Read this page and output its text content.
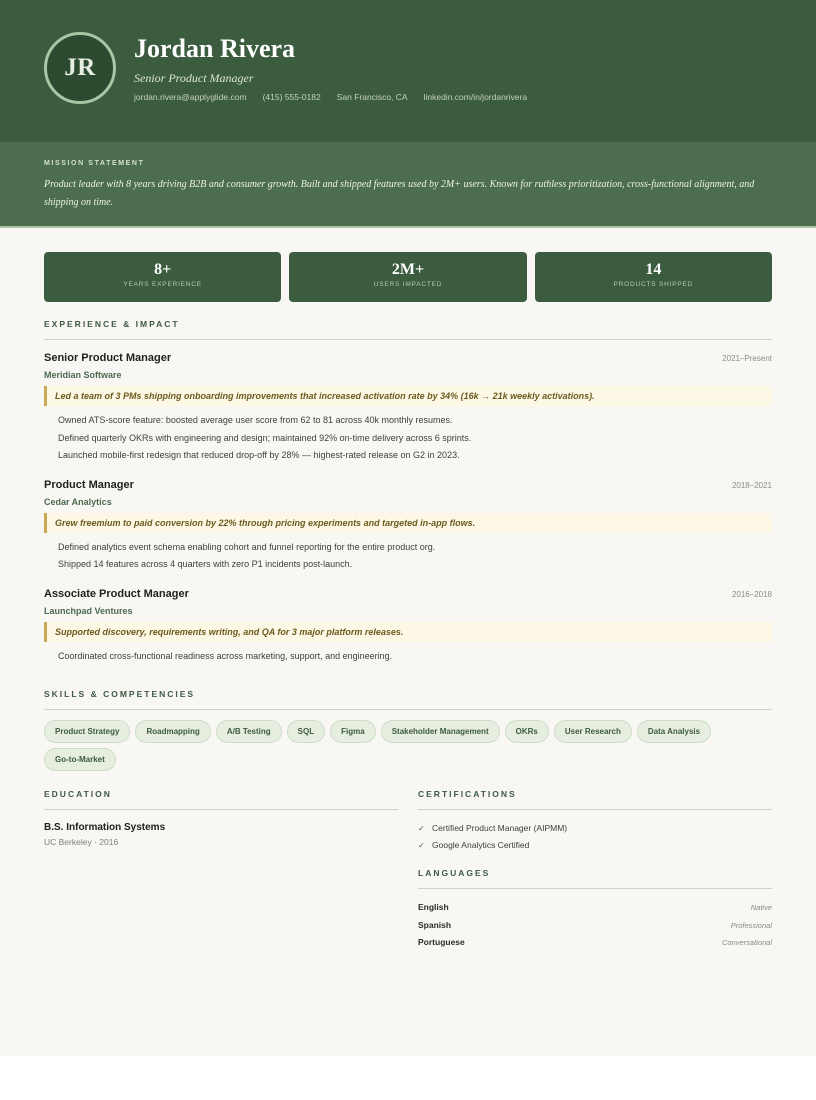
JR
Jordan Rivera
Senior Product Manager
jordan.rivera@applyglide.com (415) 555-0182 San Francisco, CA linkedin.com/in/jordanrivera
MISSION STATEMENT
Product leader with 8 years driving B2B and consumer growth. Built and shipped features used by 2M+ users. Known for ruthless prioritization, cross-functional alignment, and shipping on time.
8+
YEARS EXPERIENCE
2M+
USERS IMPACTED
14
PRODUCTS SHIPPED
EXPERIENCE & IMPACT
Senior Product Manager	2021–Present
Meridian Software
Led a team of 3 PMs shipping onboarding improvements that increased activation rate by 34% (16k → 21k weekly activations).
Owned ATS-score feature: boosted average user score from 62 to 81 across 40k monthly resumes.
Defined quarterly OKRs with engineering and design; maintained 92% on-time delivery across 6 sprints.
Launched mobile-first redesign that reduced drop-off by 28% — highest-rated release on G2 in 2023.
Product Manager	2018–2021
Cedar Analytics
Grew freemium to paid conversion by 22% through pricing experiments and targeted in-app flows.
Defined analytics event schema enabling cohort and funnel reporting for the entire product org.
Shipped 14 features across 4 quarters with zero P1 incidents post-launch.
Associate Product Manager	2016–2018
Launchpad Ventures
Supported discovery, requirements writing, and QA for 3 major platform releases.
Coordinated cross-functional readiness across marketing, support, and engineering.
SKILLS & COMPETENCIES
Product Strategy	Roadmapping	A/B Testing	SQL	Figma	Stakeholder Management	OKRs	User Research	Data Analysis
Go-to-Market
EDUCATION
B.S. Information Systems
UC Berkeley · 2016
CERTIFICATIONS
✓ Certified Product Manager (AIPMM)
✓ Google Analytics Certified
LANGUAGES
English	Native
Spanish	Professional
Portuguese	Conversational
